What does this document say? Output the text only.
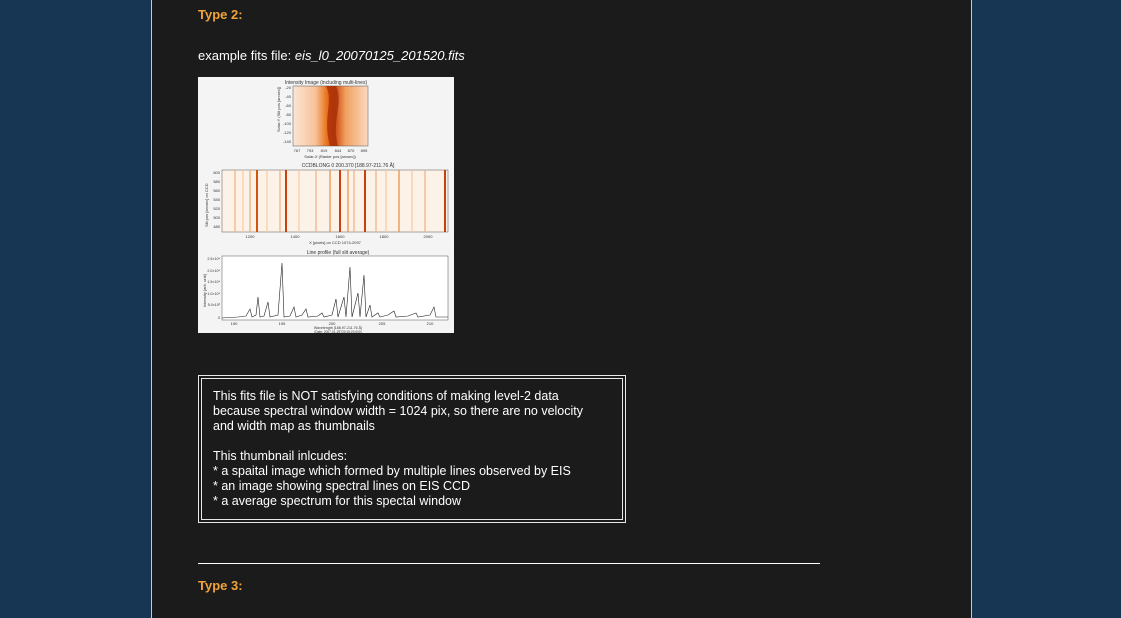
Type 2:
example fits file: eis_l0_20070125_201520.fits
Intensity Image (including multi-lines)
-20
-40
-60
-80
-100
-120
-140
Solar-Y (Slit pos [arcsec])
767 793 819 844 870 895
Solar-X (Raster pos [arcsec])
CCDBLONG 0 200.370 [188.97-211.76 Å]
600
580
560
540
520
500
480
Slit pos [arcsec] on CCD
1200	1400	1600	1800	2000
X [pixels] on CCD 1074-2097
Line profile (full slit average)
2.5×10⁴
2.0×10⁴
1.5×10⁴
1.0×10⁴
5.0×10³
0
Intensity [arb. unit]
190	195	200	205	210
Wavelength [188.97-211.76 Å]
(Date: 2007-01-25T20:15:20.000)

This fits file is NOT satisfying conditions of making level-2 data

because spectral window width = 1024 pix, so there are no velocity

and width map as thumbnails

This thumbnail inlcudes:

* a spaital image which formed by multiple lines observed by EIS

* an image showing spectral lines on EIS CCD

* a average spectrum for this spectal window

Type 3:
